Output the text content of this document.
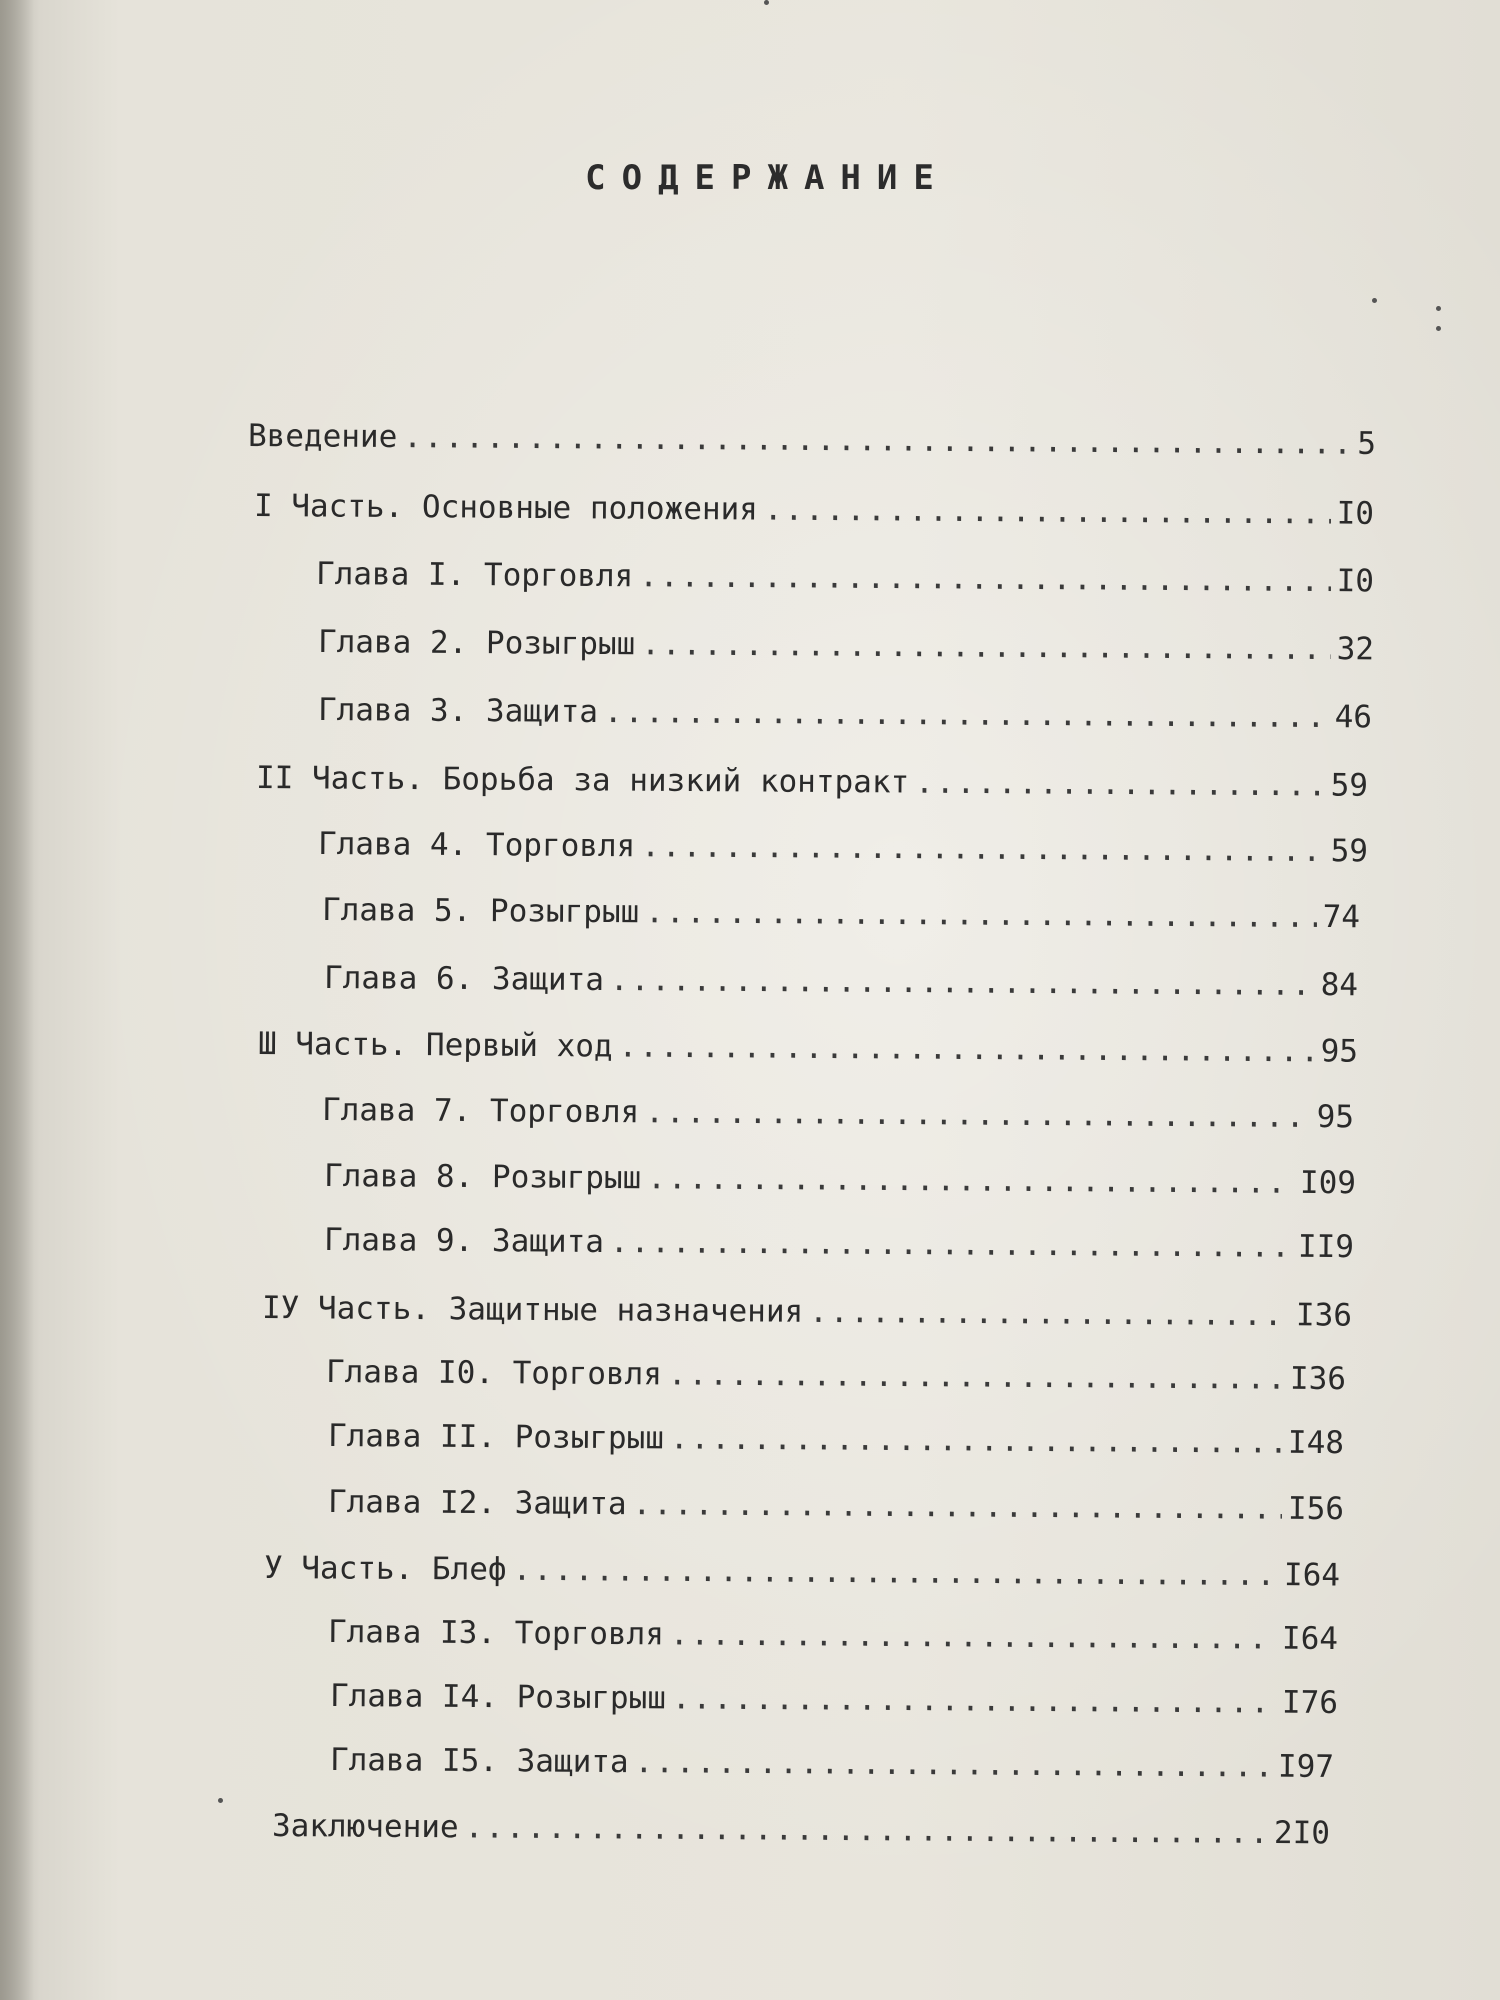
СОДЕРЖАНИЕ
Введение .....	5
I Часть. Основные положения .....	I0
Глава I. Торговля .....	I0
Глава 2. Розыгрыш .....	32
Глава 3. Защита .....	46
II Часть. Борьба за низкий контракт .....	59
Глава 4. Торговля .....	59
Глава 5. Розыгрыш .....	74
Глава 6. Защита .....	84
Ш Часть. Первый ход .....	95
Глава 7. Торговля .....	95
Глава 8. Розыгрыш .....	I09
Глава 9. Защита .....	II9
IУ Часть. Защитные назначения .....	I36
Глава I0. Торговля .....	I36
Глава II. Розыгрыш .....	I48
Глава I2. Защита .....	I56
У Часть. Блеф .....	I64
Глава I3. Торговля .....	I64
Глава I4. Розыгрыш .....	I76
Глава I5. Защита .....	I97
Заключение .....	2I0
